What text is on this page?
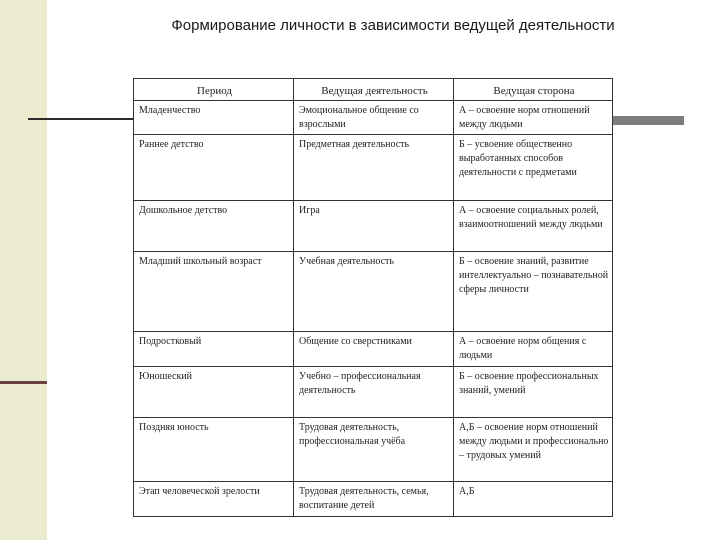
Формирование личности в зависимости ведущей деятельности
Период	Ведущая деятельность	Ведущая сторона
Младенчество	Эмоциональное общение со взрослыми	А – освоение норм отношений между людьми
Раннее детство	Предметная деятельность	Б – усвоение общественно выработанных способов деятельности с предметами
Дошкольное детство	Игра	А – освоение социальных ролей, взаимоотношений между людьми
Младший школьный возраст	Учебная деятельность	Б – освоение знаний, развитие интеллектуально – познавательной сферы личности
Подростковый	Общение со сверстниками	А – освоение норм общения с людьми
Юношеский	Учебно – профессиональная деятельность	Б – освоение профессиональных знаний, умений
Поздняя юность	Трудовая деятельность, профессиональная учёба	А,Б – освоение норм отношений между людьми и профессионально – трудовых умений
Этап человеческой зрелости	Трудовая деятельность, семья, воспитание детей	А,Б
